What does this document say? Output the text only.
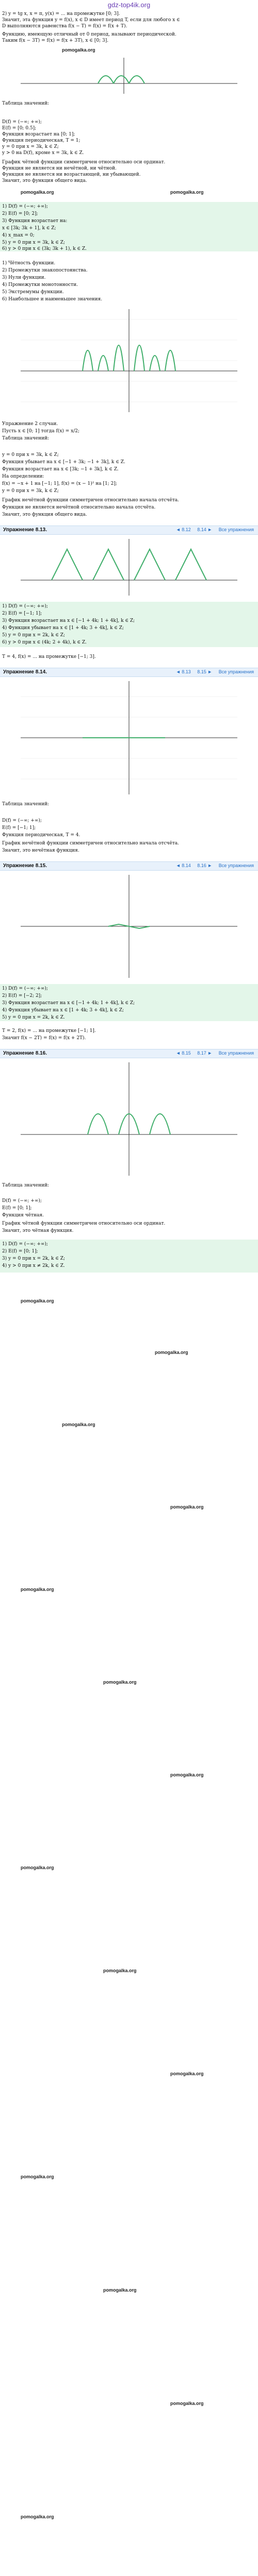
gdz-top4ik.org
2) y = tg x, x = π, y(x) = ... на промежутке [0; 3].
Значит, эта функция y = f(x), x ∈ D имеет период T, если для любого x ∈
D выполняются равенства f(x − T) = f(x) = f(x + T).
Функцию, имеющую отличный от 0 период, называют периодической.
Таким f(x − 3T) = f(x) = f(x + 3T), x ∈ [0; 3].
pomogalka.org
Таблица значений:
D(f) = (−∞; +∞);
E(f) = [0; 0.5];
Функция возрастает на [0; 1];
Функция периодическая, T = 1;
y = 0 при x = 3k, k ∈ Z;
y > 0 на D(f), кроме x = 3k, k ∈ Z.
График чётной функции симметричен относительно оси ординат.
Функция не является ни нечётной, ни чётной.
Функция не является ни возрастающей, ни убывающей.
Значит, это функция общего вида.
pomogalka.org	pomogalka.org
1) D(f) = (−∞; +∞);
2) E(f) = [0; 2];
3) Функция возрастает на:
x ∈ [3k; 3k + 1], k ∈ Z;
4) x_max = 0;
5) y = 0 при x = 3k, k ∈ Z;
6) y > 0 при x ∈ (3k; 3k + 1), k ∈ Z.
1) Чётность функции.
2) Промежутки знакопостоянства.
3) Нули функции.
4) Промежутки монотонности.
5) Экстремумы функции.
6) Наибольшее и наименьшее значения.
Упражнение 2 случаи.
Пусть x ∈ [0; 1] тогда f(x) = x/2;
Таблица значений:
y = 0 при x = 3k, k ∈ Z;
Функция убывает на x ∈ [−1 + 3k; −1 + 3k], k ∈ Z.
Функция возрастает на x ∈ [3k; −1 + 3k], k ∈ Z.
На определении:
f(x) = −x + 1 на [−1; 1], f(x) = (x − 1)² на [1; 2];
y = 0 при x = 3k, k ∈ Z;
График нечётной функции симметричен относительно начала отсчёта.
Функция не является нечётной относительно начала отсчёта.
Значит, это функция общего вида.
Упражнение 8.13.	◄ 8.12 8.14 ► Все упражнения
1) D(f) = (−∞; +∞);
2) E(f) = [−1; 1];
3) Функция возрастает на x ∈ [−1 + 4k; 1 + 4k], k ∈ Z;
4) Функция убывает на x ∈ [1 + 4k; 3 + 4k], k ∈ Z;
5) y = 0 при x = 2k, k ∈ Z;
6) y > 0 при x ∈ (4k; 2 + 4k), k ∈ Z.
T = 4, f(x) = ... на промежутке [−1; 3].
Упражнение 8.14.	◄ 8.13 8.15 ► Все упражнения
Таблица значений:
D(f) = (−∞; +∞);
E(f) = [−1; 1];
Функция периодическая, T = 4.
График нечётной функции симметричен относительно начала отсчёта.
Значит, это нечётная функция.
Упражнение 8.15.	◄ 8.14 8.16 ► Все упражнения
1) D(f) = (−∞; +∞);
2) E(f) = [−2; 2];
3) Функция возрастает на x ∈ [−1 + 4k; 1 + 4k], k ∈ Z;
4) Функция убывает на x ∈ [1 + 4k; 3 + 4k], k ∈ Z;
5) y = 0 при x = 2k, k ∈ Z.
T = 2, f(x) = ... на промежутке [−1; 1].
Значит f(x − 2T) = f(x) = f(x + 2T).
Упражнение 8.16.	◄ 8.15 8.17 ► Все упражнения
Таблица значений:
D(f) = (−∞; +∞);
E(f) = [0; 1];
Функция чётная.
График чётной функции симметричен относительно оси ординат.
Значит, это чётная функция.
1) D(f) = (−∞; +∞);
2) E(f) = [0; 1];
3) y = 0 при x = 2k, k ∈ Z;
4) y > 0 при x ≠ 2k, k ∈ Z.
pomogalka.org
pomogalka.org
pomogalka.org
pomogalka.org
pomogalka.org
pomogalka.org
pomogalka.org
pomogalka.org
pomogalka.org
pomogalka.org
pomogalka.org
pomogalka.org
pomogalka.org
pomogalka.org
